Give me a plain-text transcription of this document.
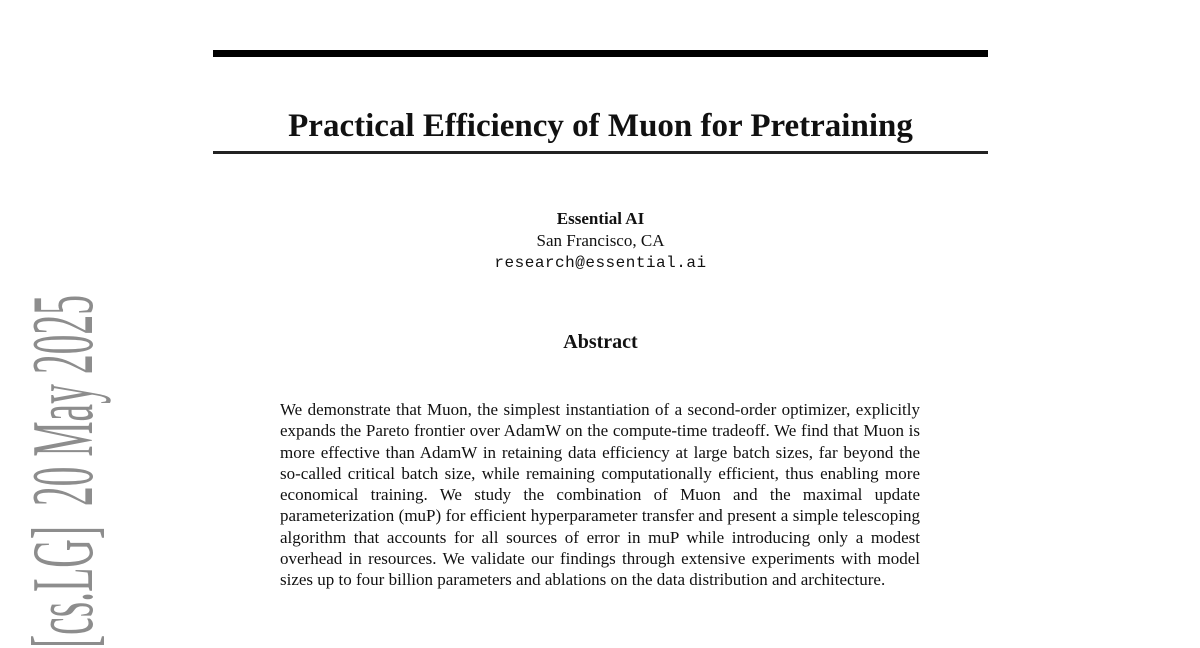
[cs.LG]  20 May 2025
Practical Efficiency of Muon for Pretraining
Essential AI
San Francisco, CA
research@essential.ai
Abstract

We demonstrate that Muon, the simplest instantiation of a second-order optimizer, explicitly expands the Pareto frontier over AdamW on the compute-time tradeoff. We find that Muon is more effective than AdamW in retaining data efficiency at large batch sizes, far beyond the so-called critical batch size, while remaining computationally efficient, thus enabling more economical training. We study the combination of Muon and the maximal update parameterization (muP) for efficient hyperparameter transfer and present a simple telescoping algorithm that accounts for all sources of error in muP while introducing only a modest overhead in resources. We validate our findings through extensive experiments with model sizes up to four billion parameters and ablations on the data distribution and architecture.
